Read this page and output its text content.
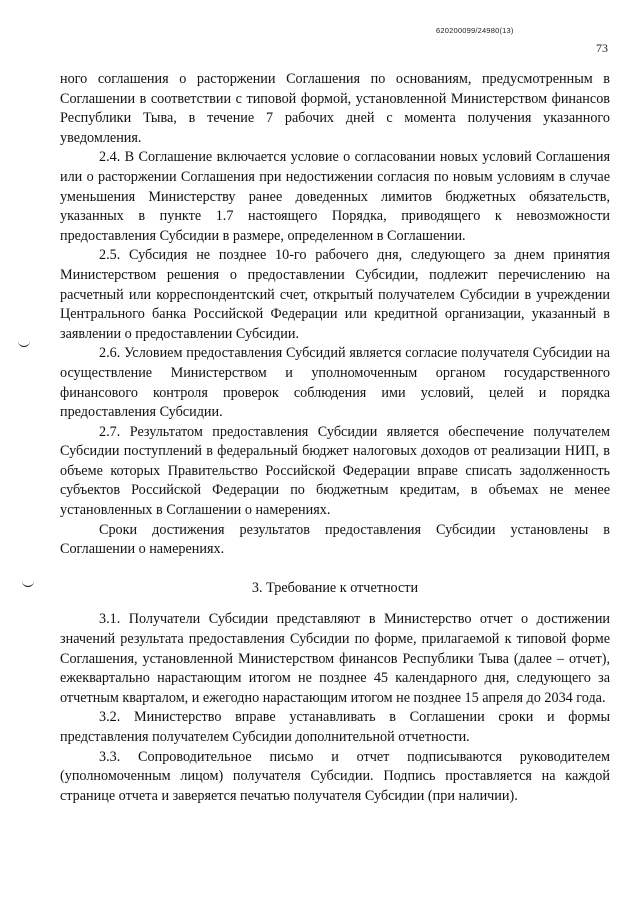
620200099/24980(13)
73

ного соглашения о расторжении Соглашения по основаниям, предусмотренным в Соглашении в соответствии с типовой формой, установленной Министерством финансов Республики Тыва, в течение 7 рабочих дней с момента получения указанного уведомления.

2.4. В Соглашение включается условие о согласовании новых условий Соглашения или о расторжении Соглашения при недостижении согласия по новым условиям в случае уменьшения Министерству ранее доведенных лимитов бюджетных обязательств, указанных в пункте 1.7 настоящего Порядка, приводящего к невозможности предоставления Субсидии в размере, определенном в Соглашении.

2.5. Субсидия не позднее 10-го рабочего дня, следующего за днем принятия Министерством решения о предоставлении Субсидии, подлежит перечислению на расчетный или корреспондентский счет, открытый получателем Субсидии в учреждении Центрального банка Российской Федерации или кредитной организации, указанный в заявлении о предоставлении Субсидии.

2.6. Условием предоставления Субсидий является согласие получателя Субсидии на осуществление Министерством и уполномоченным органом государственного финансового контроля проверок соблюдения ими условий, целей и порядка предоставления Субсидии.

2.7. Результатом предоставления Субсидии является обеспечение получателем Субсидии поступлений в федеральный бюджет налоговых доходов от реализации НИП, в объеме которых Правительство Российской Федерации вправе списать задолженность субъектов Российской Федерации по бюджетным кредитам, в объемах не менее установленных в Соглашении о намерениях.

Сроки достижения результатов предоставления Субсидии установлены в Соглашении о намерениях.

3. Требование к отчетности

3.1. Получатели Субсидии представляют в Министерство отчет о достижении значений результата предоставления Субсидии по форме, прилагаемой к типовой форме Соглашения, установленной Министерством финансов Республики Тыва (далее – отчет), ежеквартально нарастающим итогом не позднее 45 календарного дня, следующего за отчетным кварталом, и ежегодно нарастающим итогом не позднее 15 апреля до 2034 года.

3.2. Министерство вправе устанавливать в Соглашении сроки и формы представления получателем Субсидии дополнительной отчетности.

3.3. Сопроводительное письмо и отчет подписываются руководителем (уполномоченным лицом) получателя Субсидии. Подпись проставляется на каждой странице отчета и заверяется печатью получателя Субсидии (при наличии).
